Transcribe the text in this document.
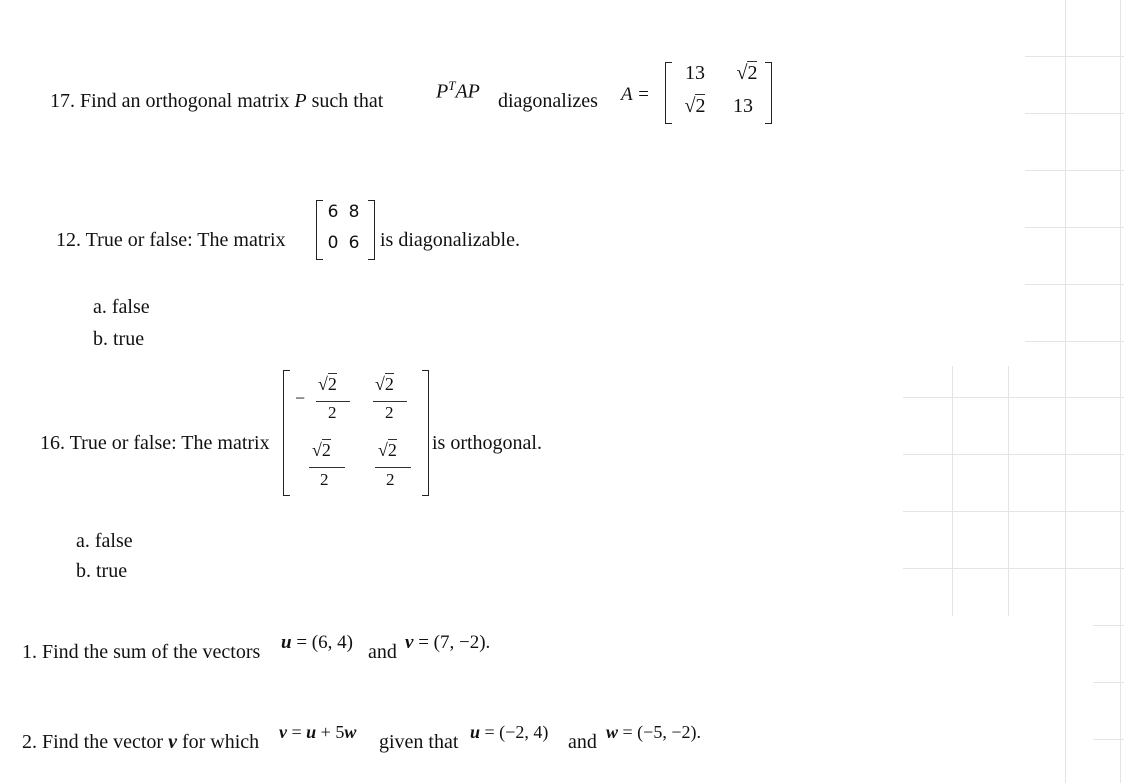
17. Find an orthogonal matrix P such that	$P^TAP$ diagonalizes A =
13 √2
√2	13
12. True or false: The matrix
6 8
0 6 is diagonalizable.
a. false
b. true
16. True or false: The matrix
−
√2
2
√2
2
√2
2
√2
2
is orthogonal.
a. false
b. true
1. Find the sum of the vectors u = (6, 4) and v = (7, −2).
2. Find the vector v for which v = u + 5w given that u = (−2, 4) and w = (−5, −2).
